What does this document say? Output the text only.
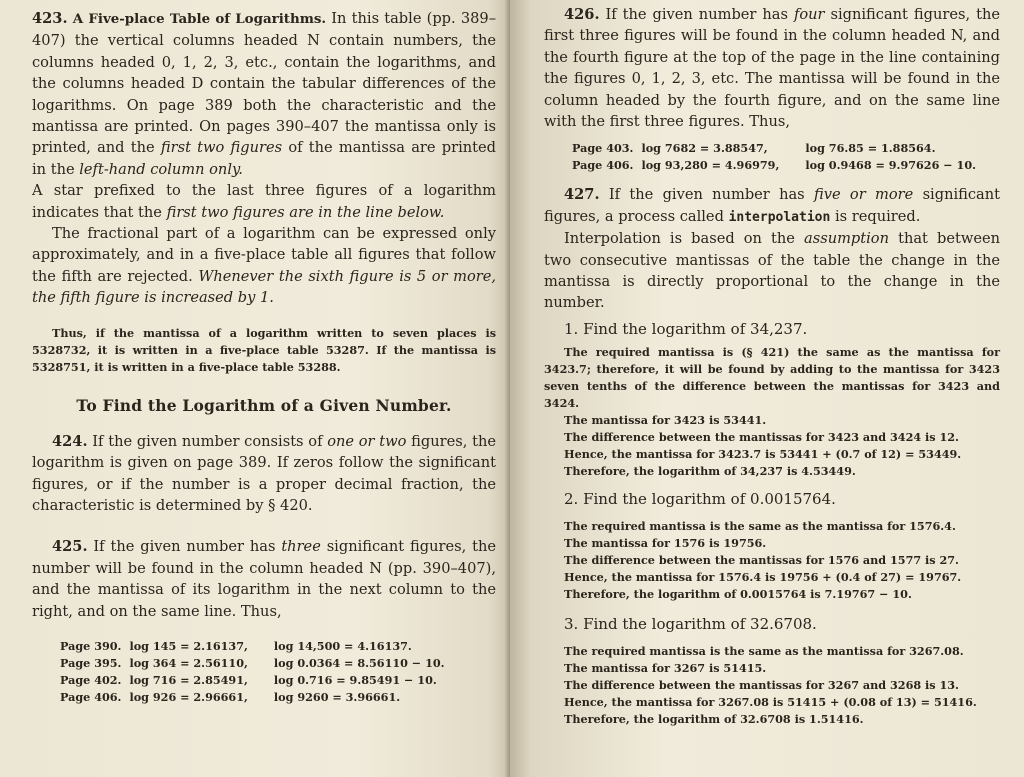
423. A Five-place Table of Logarithms. In this table (pp. 389–407) the vertical columns headed N contain numbers, the columns headed 0, 1, 2, 3, etc., contain the logarithms, and the columns headed D contain the tabular differences of the logarithms. On page 389 both the characteristic and the mantissa are printed. On pages 390–407 the mantissa only is printed, and the first two figures of the mantissa are printed in the left-hand column only.

A star prefixed to the last three figures of a logarithm indicates that the first two figures are in the line below.

The fractional part of a logarithm can be expressed only approximately, and in a five-place table all figures that follow the fifth are rejected. Whenever the sixth figure is 5 or more, the fifth figure is increased by 1.

Thus, if the mantissa of a logarithm written to seven places is 5328732, it is written in a five-place table 53287. If the mantissa is 5328751, it is written in a five-place table 53288.

To Find the Logarithm of a Given Number.

424. If the given number consists of one or two figures, the logarithm is given on page 389. If zeros follow the significant figures, or if the number is a proper decimal fraction, the characteristic is determined by § 420.

425. If the given number has three significant figures, the number will be found in the column headed N (pp. 390–407), and the mantissa of its logarithm in the next column to the right, and on the same line. Thus,

Page 390.	log 145 = 2.16137,	log 14,500 = 4.16137.
Page 395.	log 364 = 2.56110,	log 0.0364 = 8.56110 − 10.
Page 402.	log 716 = 2.85491,	log 0.716 = 9.85491 − 10.
Page 406.	log 926 = 2.96661,	log 9260 = 3.96661.

426. If the given number has four significant figures, the first three figures will be found in the column headed N, and the fourth figure at the top of the page in the line containing the figures 0, 1, 2, 3, etc. The mantissa will be found in the column headed by the fourth figure, and on the same line with the first three figures. Thus,

Page 403.	log 7682 = 3.88547,	log 76.85 = 1.88564.
Page 406.	log 93,280 = 4.96979,	log 0.9468 = 9.97626 − 10.

427. If the given number has five or more significant figures, a process called interpolation is required.

Interpolation is based on the assumption that between two consecutive mantissas of the table the change in the mantissa is directly proportional to the change in the number.

1. Find the logarithm of 34,237.

The required mantissa is (§ 421) the same as the mantissa for 3423.7; therefore, it will be found by adding to the mantissa for 3423 seven tenths of the difference between the mantissas for 3423 and 3424.

The mantissa for 3423 is 53441.

The difference between the mantissas for 3423 and 3424 is 12.

Hence, the mantissa for 3423.7 is 53441 + (0.7 of 12) = 53449.

Therefore, the logarithm of 34,237 is 4.53449.

2. Find the logarithm of 0.0015764.

The required mantissa is the same as the mantissa for 1576.4.

The mantissa for 1576 is 19756.

The difference between the mantissas for 1576 and 1577 is 27.

Hence, the mantissa for 1576.4 is 19756 + (0.4 of 27) = 19767.

Therefore, the logarithm of 0.0015764 is 7.19767 − 10.

3. Find the logarithm of 32.6708.

The required mantissa is the same as the mantissa for 3267.08.

The mantissa for 3267 is 51415.

The difference between the mantissas for 3267 and 3268 is 13.

Hence, the mantissa for 3267.08 is 51415 + (0.08 of 13) = 51416.

Therefore, the logarithm of 32.6708 is 1.51416.
